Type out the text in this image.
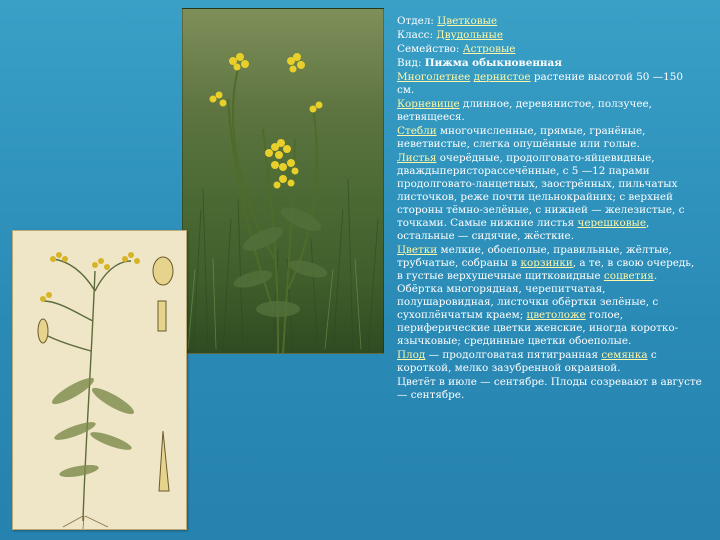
Отдел: Цветковые

Класс: Двудольные

Семейство: Астровые

Вид: Пижма обыкновенная

Многолетнее дернистое растение высотой 50 —150 см.

Корневище длинное, деревянистое, ползучее, ветвящееся.

Стебли многочисленные, прямые, гранёные, неветвистые, слегка опушённые или голые.

Листья очерёдные, продолговато-яйцевидные, дваждыперисторассечённые, с 5 —12 парами продолговато-ланцетных, заострённых, пильчатых листочков, реже почти цельнокрайних; с верхней стороны тёмно-зелёные, с нижней — железистые, с точками. Самые нижние листья черешковые, остальные — сидячие, жёсткие.

Цветки мелкие, обоеполые, правильные, жёлтые, трубчатые, собраны в корзинки, а те, в свою очередь, в густые верхушечные щитковидные соцветия. Обёртка многорядная, черепитчатая, полушаровидная, листочки обёртки зелёные, с сухоплёнчатым краем; цветоложе голое, периферические цветки женские, иногда короткоязычковые; срединные цветки обоеполые.

Плод — продолговатая пятигранная семянка с короткой, мелко зазубренной окраиной.

Цветёт в июле — сентябре. Плоды созревают в августе — сентябре.
